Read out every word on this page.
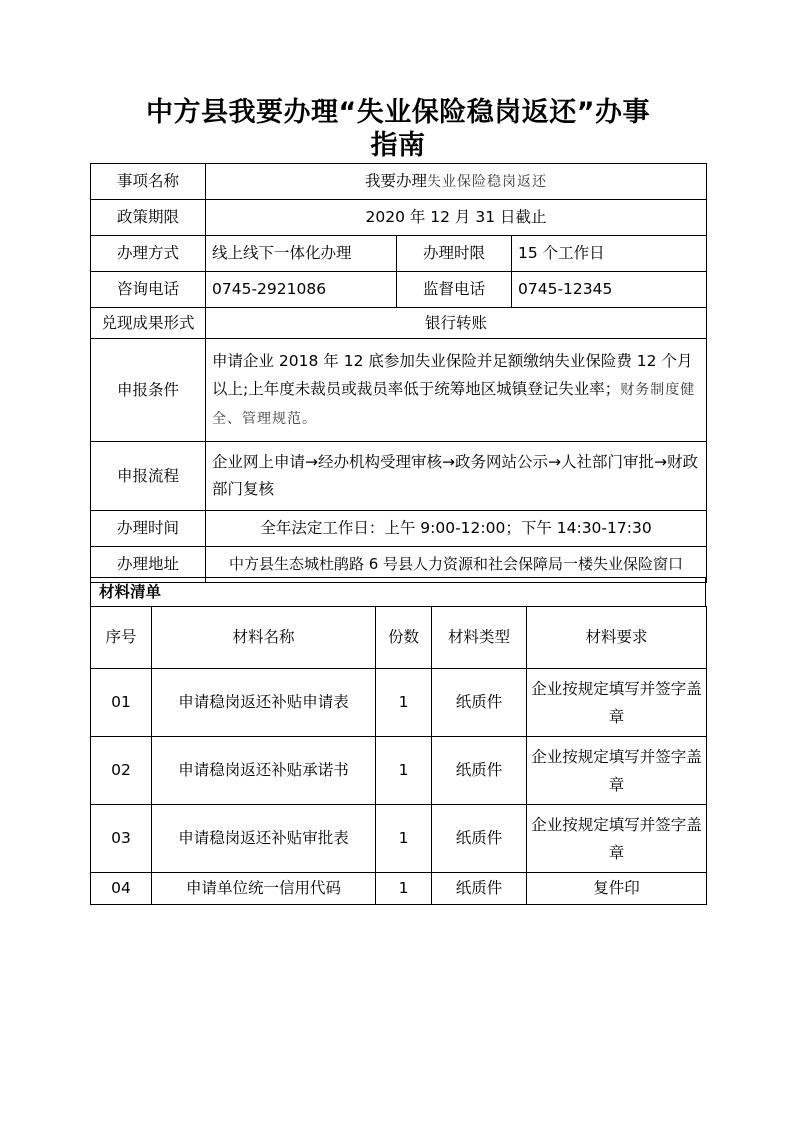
中方县我要办理“失业保险稳岗返还”办事
指南
事项名称	我要办理失业保险稳岗返还		
政策期限	2020 年 12 月 31 日截止		
办理方式	线上线下一体化办理	办理时限	15 个工作日
咨询电话	0745-2921086	监督电话	0745-12345
兑现成果形式	银行转账		
申报条件	申请企业 2018 年 12 底参加失业保险并足额缴纳失业保险费 12 个月以上;上年度未裁员或裁员率低于统筹地区城镇登记失业率；财务制度健全、管理规范。		
申报流程	企业网上申请→经办机构受理审核→政务网站公示→人社部门审批→财政部门复核		
办理时间	全年法定工作日：上午 9:00-12:00；下午 14:30-17:30		
办理地址	中方县生态城杜鹃路 6 号县人力资源和社会保障局一楼失业保险窗口		
材料清单
序号	材料名称	份数	材料类型	材料要求
01	申请稳岗返还补贴申请表	1	纸质件	企业按规定填写并签字盖章
02	申请稳岗返还补贴承诺书	1	纸质件	企业按规定填写并签字盖章
03	申请稳岗返还补贴审批表	1	纸质件	企业按规定填写并签字盖章
04	申请单位统一信用代码	1	纸质件	复件印
